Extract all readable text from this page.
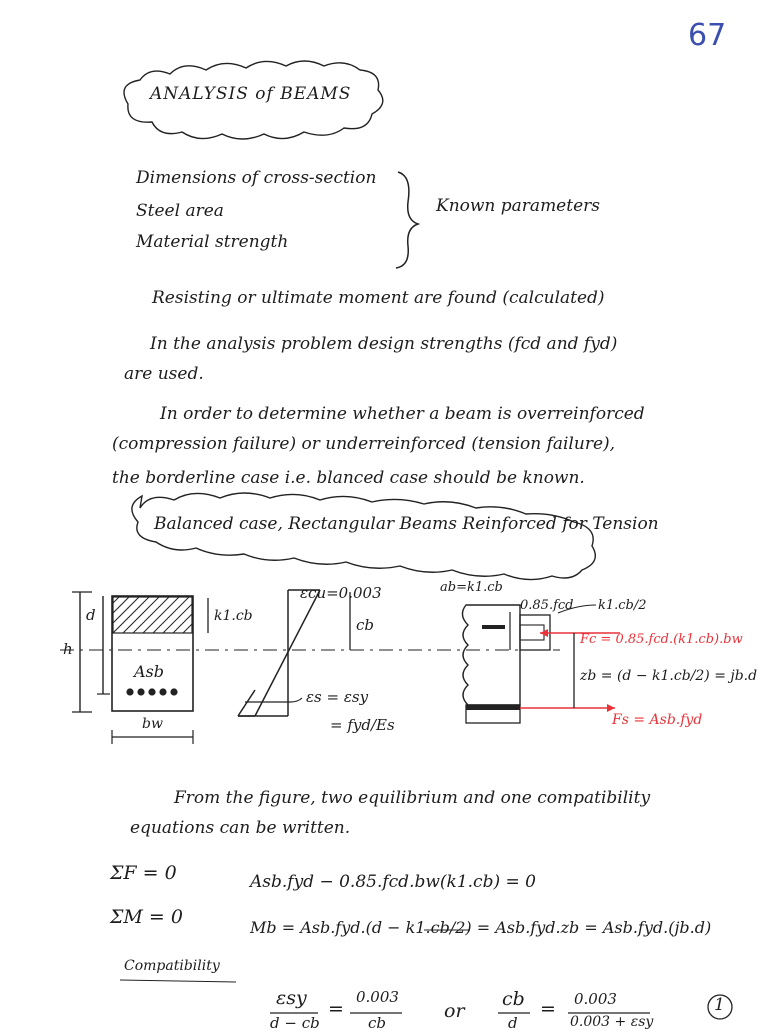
67
ANALYSIS of BEAMS
Dimensions of cross-section
Steel area
Material strength
Known parameters
Resisting or ultimate moment are found (calculated)
In the analysis problem design strengths (fcd and fyd)
are used.
In order to determine whether a beam is overreinforced
(compression failure) or underreinforced (tension failure),
the borderline case i.e. blanced case should be known.
Balanced case, Rectangular Beams Reinforced for Tension
h
d	k1.cb
Asb
bw
εcu=0.003
cb
εs = εsy
= fyd/Es
ab=k1.cb
0.85.fcd k1.cb/2
Fc = 0.85.fcd.(k1.cb).bw
zb = (d − k1.cb/2) = jb.d
Fs = Asb.fyd
From the figure, two equilibrium and one compatibility
equations can be written.
ΣF = 0	Asb.fyd − 0.85.fcd.bw(k1.cb) = 0
ΣM = 0	Mb = Asb.fyd.(d − k1.cb/2) = Asb.fyd.zb = Asb.fyd.(jb.d)
Compatibility
εsy
d − cb
=
0.003
cb
or
cb
d
= 0.003
0.003 + εsy
1
